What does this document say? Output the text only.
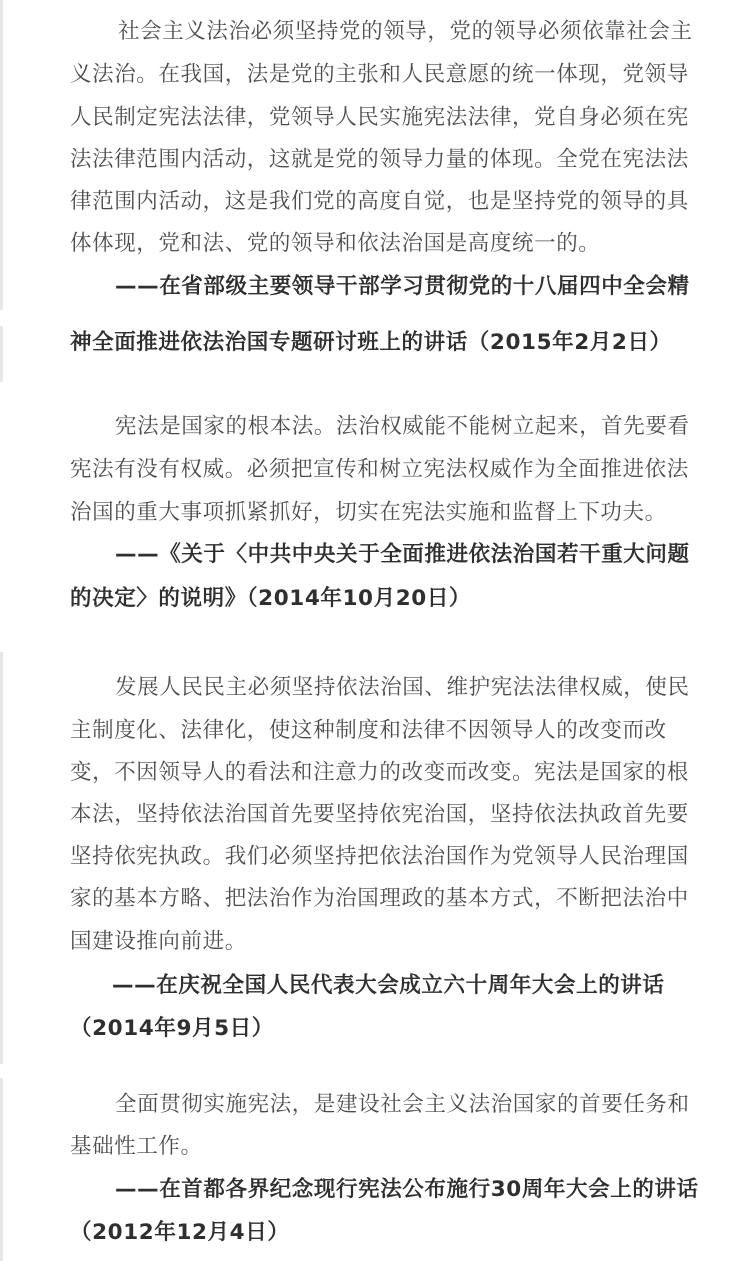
社会主义法治必须坚持党的领导，党的领导必须依靠社会主
义法治。在我国，法是党的主张和人民意愿的统一体现，党领导
人民制定宪法法律，党领导人民实施宪法法律，党自身必须在宪
法法律范围内活动，这就是党的领导力量的体现。全党在宪法法
律范围内活动，这是我们党的高度自觉，也是坚持党的领导的具
体体现，党和法、党的领导和依法治国是高度统一的。
——在省部级主要领导干部学习贯彻党的十八届四中全会精
神全面推进依法治国专题研讨班上的讲话（2015年2月2日）
宪法是国家的根本法。法治权威能不能树立起来，首先要看
宪法有没有权威。必须把宣传和树立宪法权威作为全面推进依法
治国的重大事项抓紧抓好，切实在宪法实施和监督上下功夫。
——《关于〈中共中央关于全面推进依法治国若干重大问题
的决定〉的说明》（2014年10月20日）
发展人民民主必须坚持依法治国、维护宪法法律权威，使民
主制度化、法律化，使这种制度和法律不因领导人的改变而改
变，不因领导人的看法和注意力的改变而改变。宪法是国家的根
本法，坚持依法治国首先要坚持依宪治国，坚持依法执政首先要
坚持依宪执政。我们必须坚持把依法治国作为党领导人民治理国
家的基本方略、把法治作为治国理政的基本方式，不断把法治中
国建设推向前进。
——在庆祝全国人民代表大会成立六十周年大会上的讲话
（2014年9月5日）
全面贯彻实施宪法，是建设社会主义法治国家的首要任务和
基础性工作。
——在首都各界纪念现行宪法公布施行30周年大会上的讲话
（2012年12月4日）
